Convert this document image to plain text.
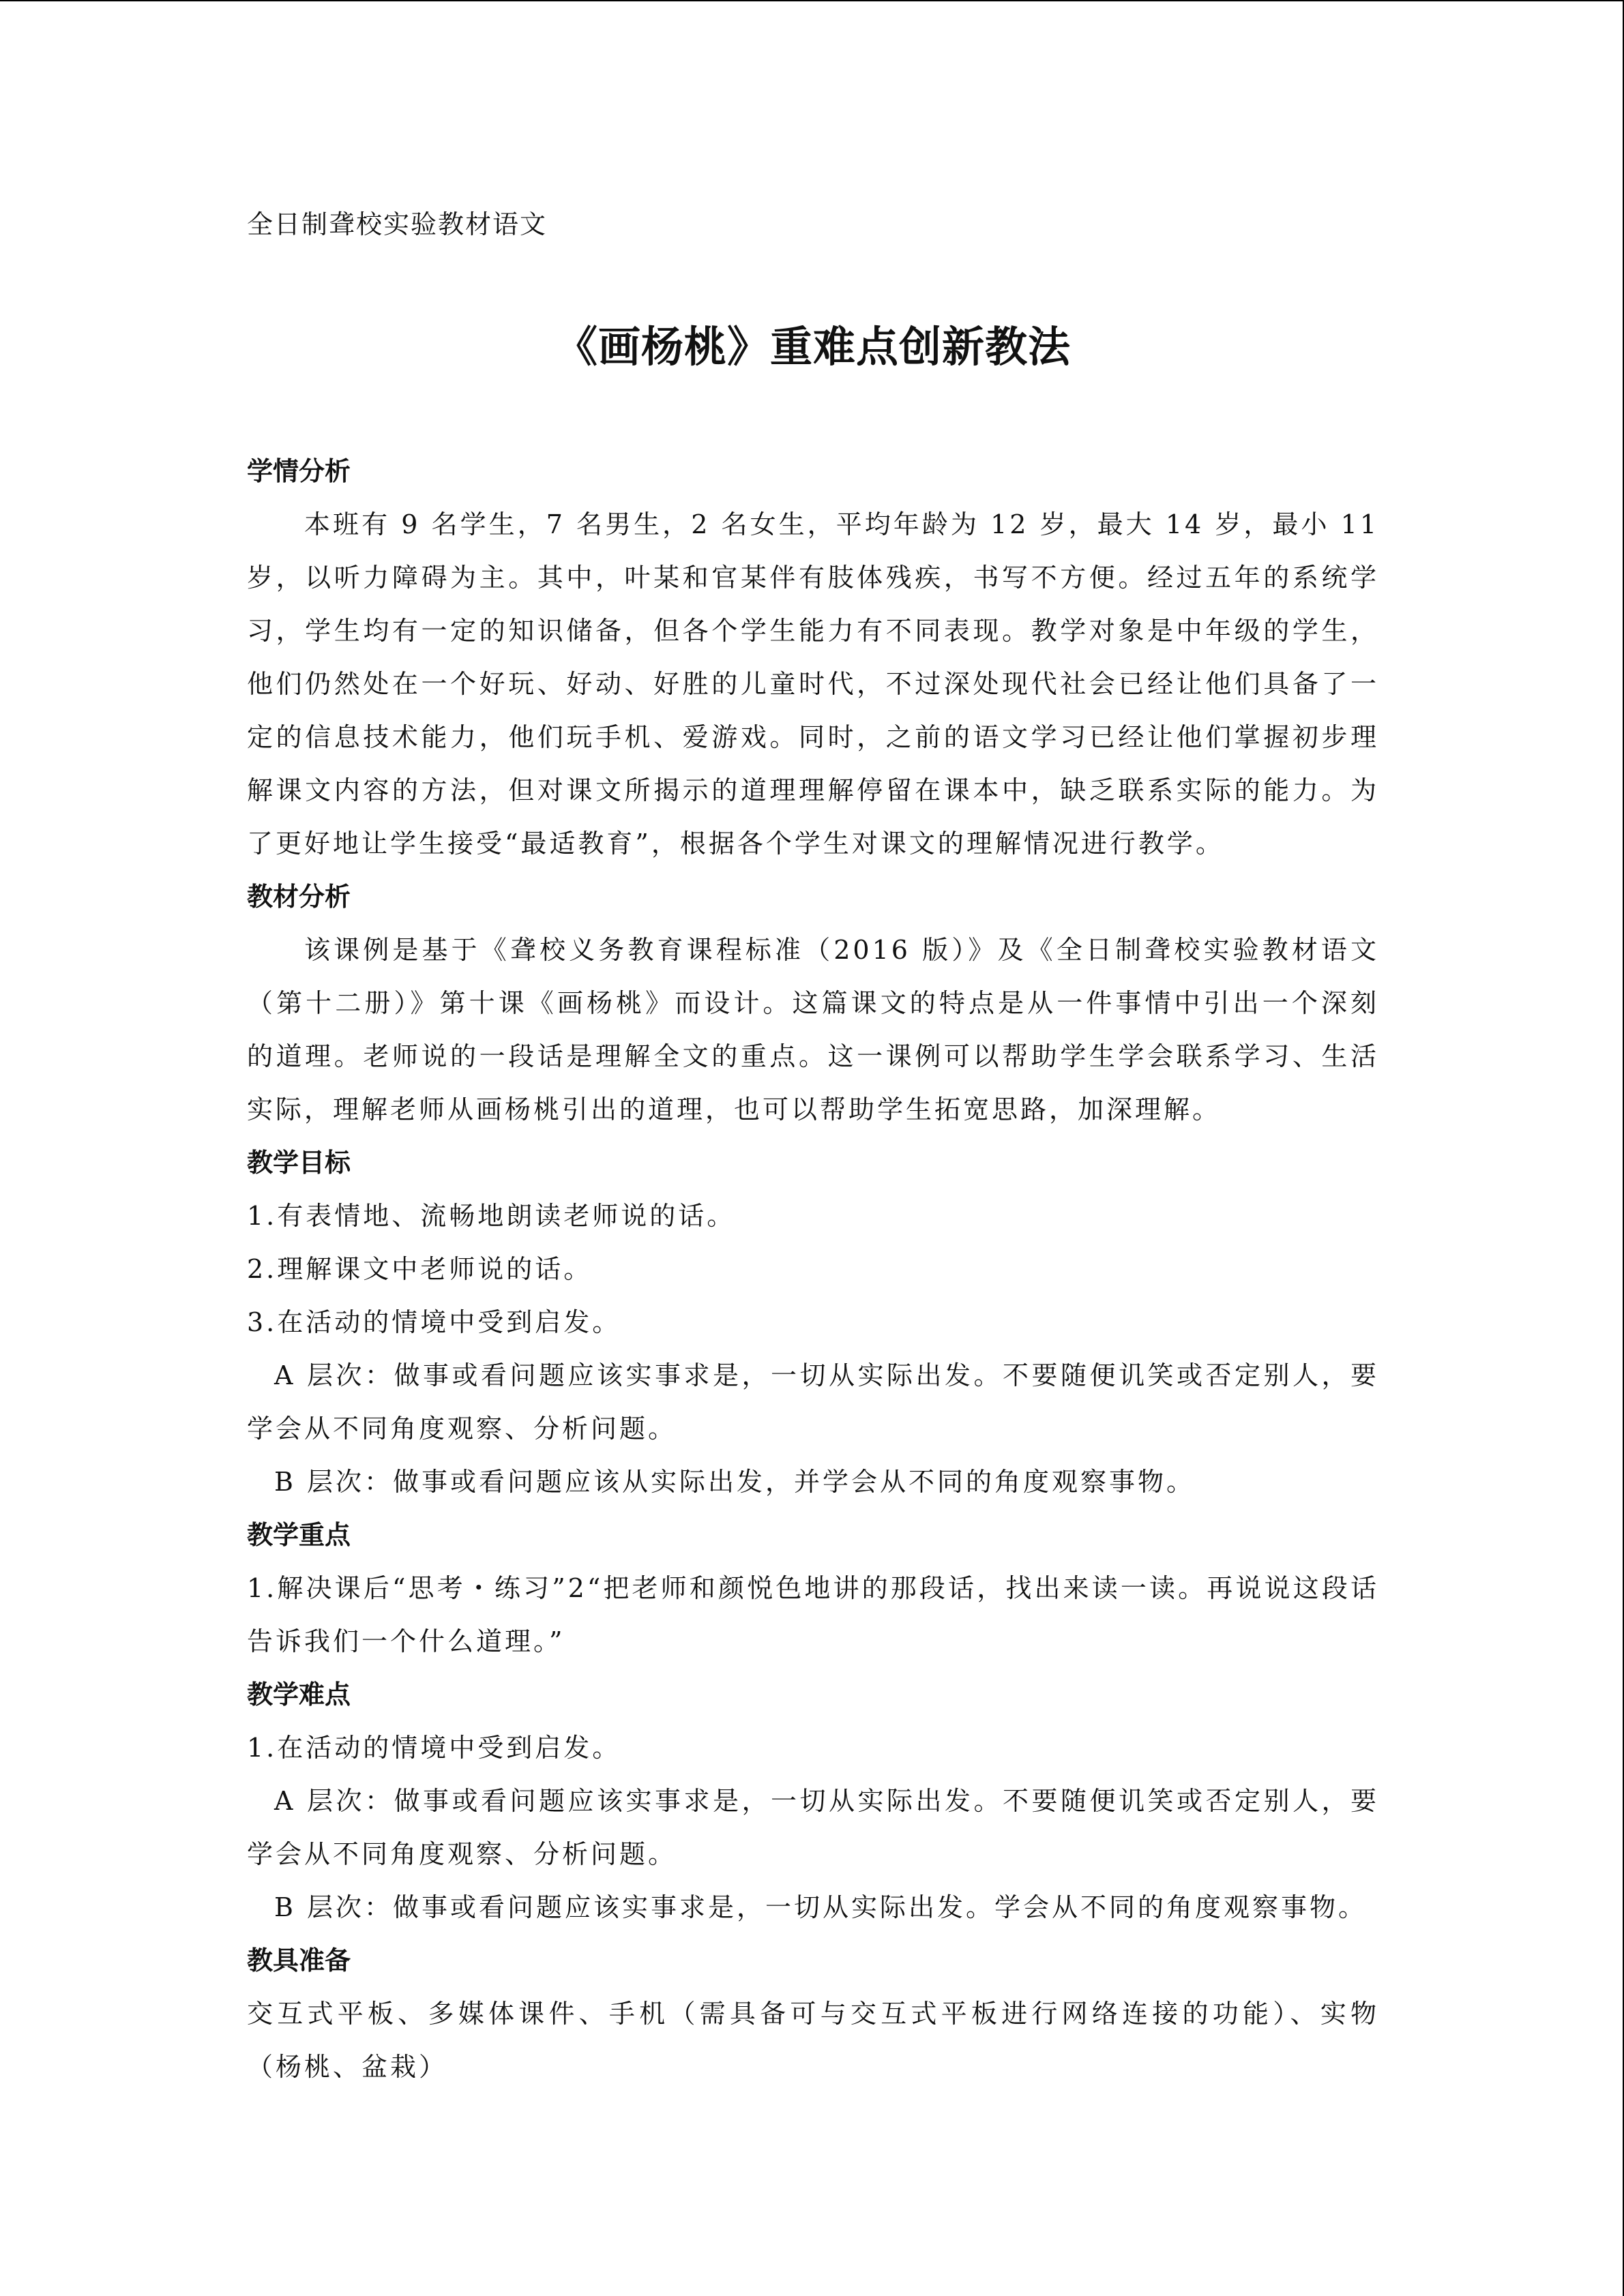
全日制聋校实验教材语文
《画杨桃》重难点创新教法
学情分析

本班有 9 名学生，7 名男生，2 名女生，平均年龄为 12 岁，最大 14 岁，最小 11 岁，以听力障碍为主。其中，叶某和官某伴有肢体残疾，书写不方便。经过五年的系统学习，学生均有一定的知识储备，但各个学生能力有不同表现。教学对象是中年级的学生，他们仍然处在一个好玩、好动、好胜的儿童时代，不过深处现代社会已经让他们具备了一定的信息技术能力，他们玩手机、爱游戏。同时，之前的语文学习已经让他们掌握初步理解课文内容的方法，但对课文所揭示的道理理解停留在课本中，缺乏联系实际的能力。为了更好地让学生接受“最适教育”，根据各个学生对课文的理解情况进行教学。

教材分析

该课例是基于《聋校义务教育课程标准（2016 版）》及《全日制聋校实验教材语文（第十二册）》第十课《画杨桃》而设计。这篇课文的特点是从一件事情中引出一个深刻的道理。老师说的一段话是理解全文的重点。这一课例可以帮助学生学会联系学习、生活实际，理解老师从画杨桃引出的道理，也可以帮助学生拓宽思路，加深理解。

教学目标

1.有表情地、流畅地朗读老师说的话。

2.理解课文中老师说的话。

3.在活动的情境中受到启发。

A 层次：做事或看问题应该实事求是，一切从实际出发。不要随便讥笑或否定别人，要学会从不同角度观察、分析问题。

B 层次：做事或看问题应该从实际出发，并学会从不同的角度观察事物。

教学重点

1.解决课后“思考・练习”2“把老师和颜悦色地讲的那段话，找出来读一读。再说说这段话告诉我们一个什么道理。”

教学难点

1.在活动的情境中受到启发。

A 层次：做事或看问题应该实事求是，一切从实际出发。不要随便讥笑或否定别人，要学会从不同角度观察、分析问题。

B 层次：做事或看问题应该实事求是，一切从实际出发。学会从不同的角度观察事物。

教具准备

交互式平板、多媒体课件、手机（需具备可与交互式平板进行网络连接的功能）、实物（杨桃、盆栽）
